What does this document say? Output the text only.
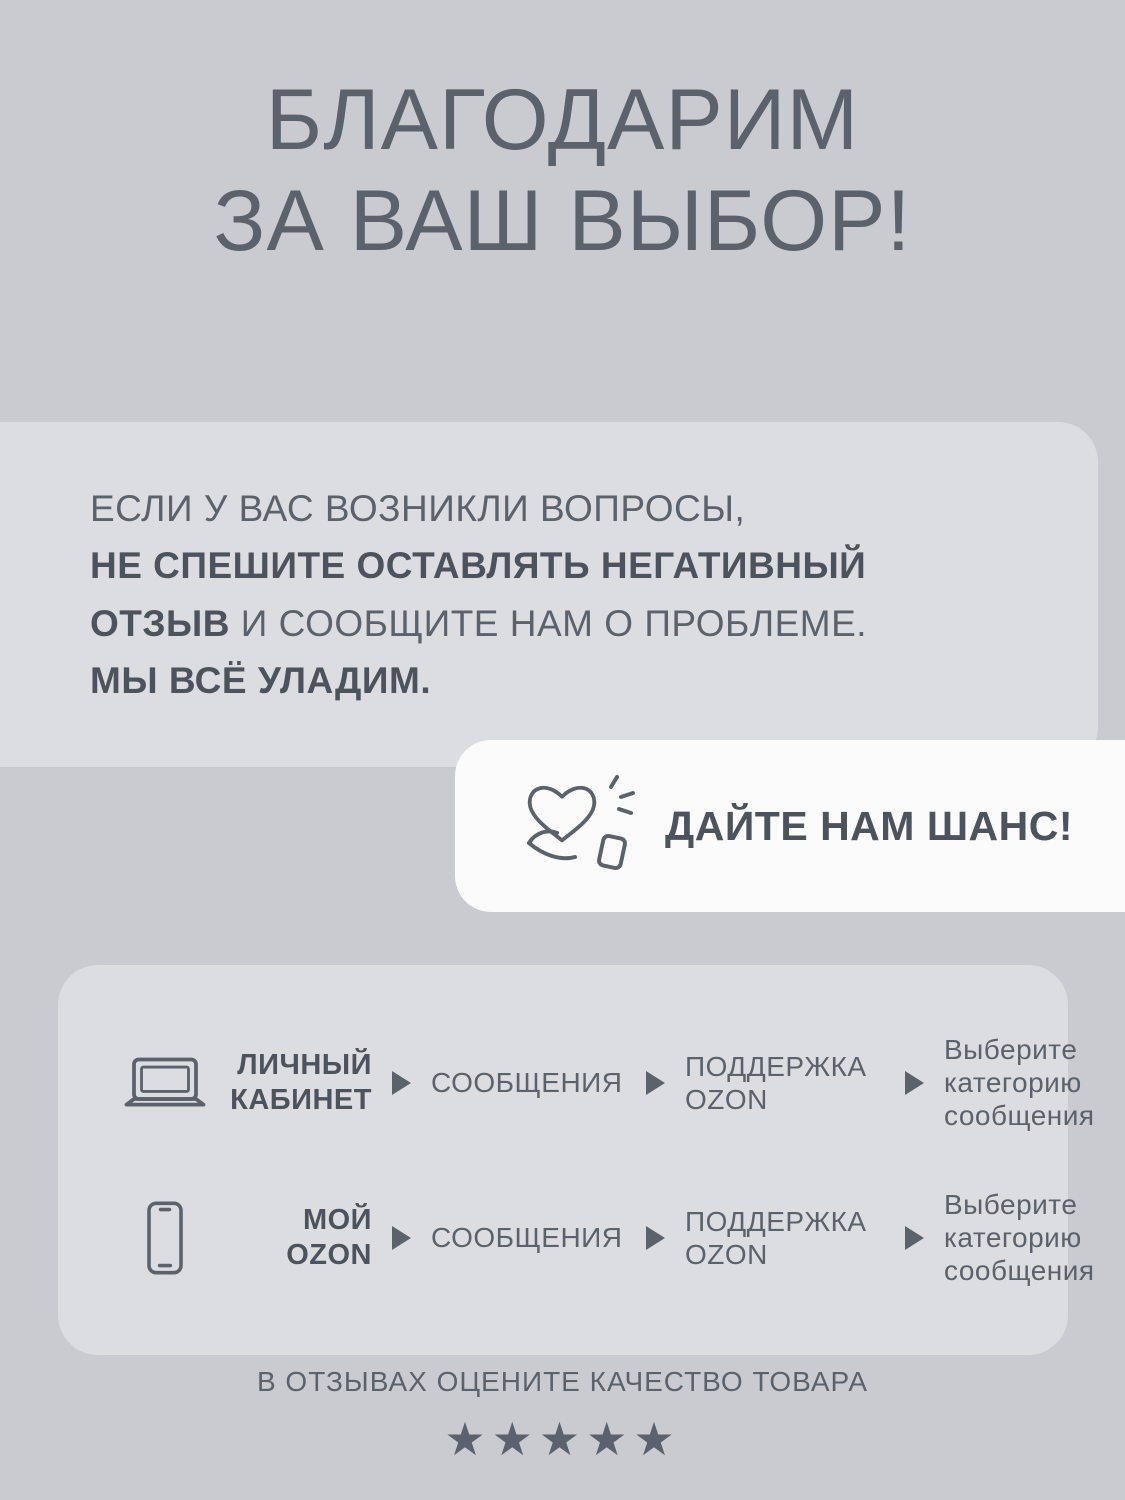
БЛАГОДАРИМ
ЗА ВАШ ВЫБОР!
ЕСЛИ У ВАС ВОЗНИКЛИ ВОПРОСЫ,
НЕ СПЕШИТЕ ОСТАВЛЯТЬ НЕГАТИВНЫЙ
ОТЗЫВ И СООБЩИТЕ НАМ О ПРОБЛЕМЕ.
МЫ ВСЁ УЛАДИМ.
ДАЙТЕ НАМ ШАНС!
ЛИЧНЫЙ
КАБИНЕТ
СООБЩЕНИЯ
ПОДДЕРЖКА
OZON
Выберите
категорию
сообщения
МОЙ
OZON
СООБЩЕНИЯ
ПОДДЕРЖКА
OZON
Выберите
категорию
сообщения
В ОТЗЫВАХ ОЦЕНИТЕ КАЧЕСТВО ТОВАРА
★★★★★
